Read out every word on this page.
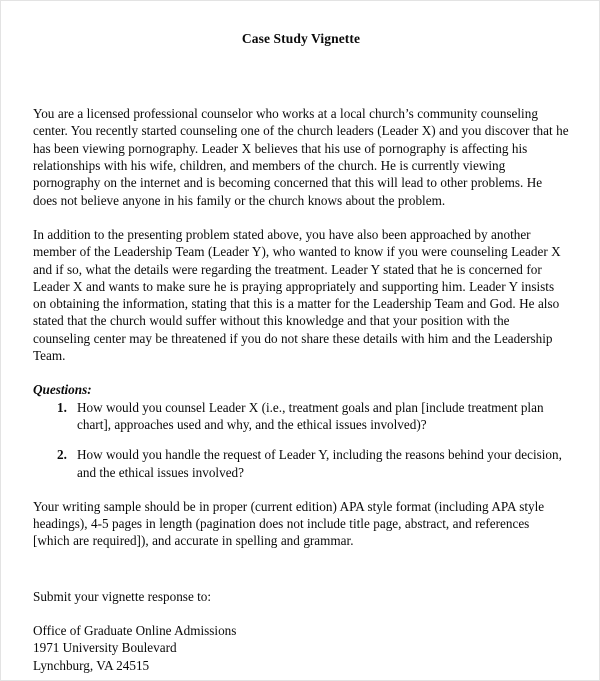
Case Study Vignette

You are a licensed professional counselor who works at a local church’s community counseling center. You recently started counseling one of the church leaders (Leader X) and you discover that he has been viewing pornography. Leader X believes that his use of pornography is affecting his relationships with his wife, children, and members of the church. He is currently viewing pornography on the internet and is becoming concerned that this will lead to other problems. He does not believe anyone in his family or the church knows about the problem.

In addition to the presenting problem stated above, you have also been approached by another member of the Leadership Team (Leader Y), who wanted to know if you were counseling Leader X and if so, what the details were regarding the treatment. Leader Y stated that he is concerned for Leader X and wants to make sure he is praying appropriately and supporting him. Leader Y insists on obtaining the information, stating that this is a matter for the Leadership Team and God. He also stated that the church would suffer without this knowledge and that your position with the counseling center may be threatened if you do not share these details with him and the Leadership Team.

Questions:
1. How would you counsel Leader X (i.e., treatment goals and plan [include treatment plan chart], approaches used and why, and the ethical issues involved)?
2. How would you handle the request of Leader Y, including the reasons behind your decision, and the ethical issues involved?

Your writing sample should be in proper (current edition) APA style format (including APA style headings), 4-5 pages in length (pagination does not include title page, abstract, and references [which are required]), and accurate in spelling and grammar.

Submit your vignette response to:

Office of Graduate Online Admissions

1971 University Boulevard

Lynchburg, VA 24515
